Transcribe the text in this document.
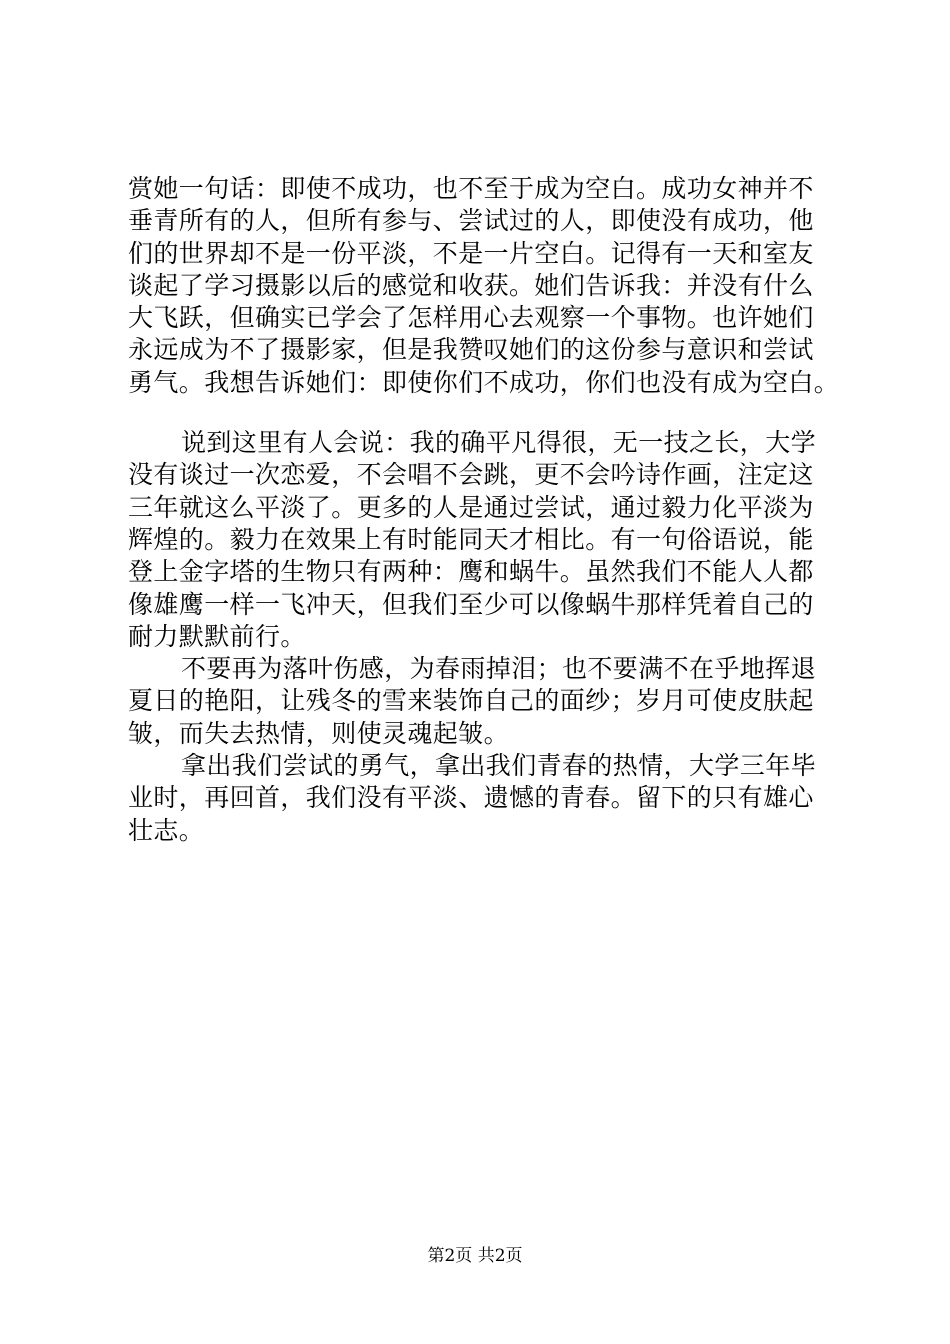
赏她一句话：即使不成功，也不至于成为空白。成功女神并不
垂青所有的人，但所有参与、尝试过的人，即使没有成功，他
们的世界却不是一份平淡，不是一片空白。记得有一天和室友
谈起了学习摄影以后的感觉和收获。她们告诉我：并没有什么
大飞跃，但确实已学会了怎样用心去观察一个事物。也许她们
永远成为不了摄影家，但是我赞叹她们的这份参与意识和尝试
勇气。我想告诉她们：即使你们不成功，你们也没有成为空白。
说到这里有人会说：我的确平凡得很，无一技之长，大学
没有谈过一次恋爱，不会唱不会跳，更不会吟诗作画，注定这
三年就这么平淡了。更多的人是通过尝试，通过毅力化平淡为
辉煌的。毅力在效果上有时能同天才相比。有一句俗语说，能
登上金字塔的生物只有两种：鹰和蜗牛。虽然我们不能人人都
像雄鹰一样一飞冲天，但我们至少可以像蜗牛那样凭着自己的
耐力默默前行。
不要再为落叶伤感，为春雨掉泪；也不要满不在乎地挥退
夏日的艳阳，让残冬的雪来装饰自己的面纱；岁月可使皮肤起
皱，而失去热情，则使灵魂起皱。
拿出我们尝试的勇气，拿出我们青春的热情，大学三年毕
业时，再回首，我们没有平淡、遗憾的青春。留下的只有雄心
壮志。
第2页 共2页
